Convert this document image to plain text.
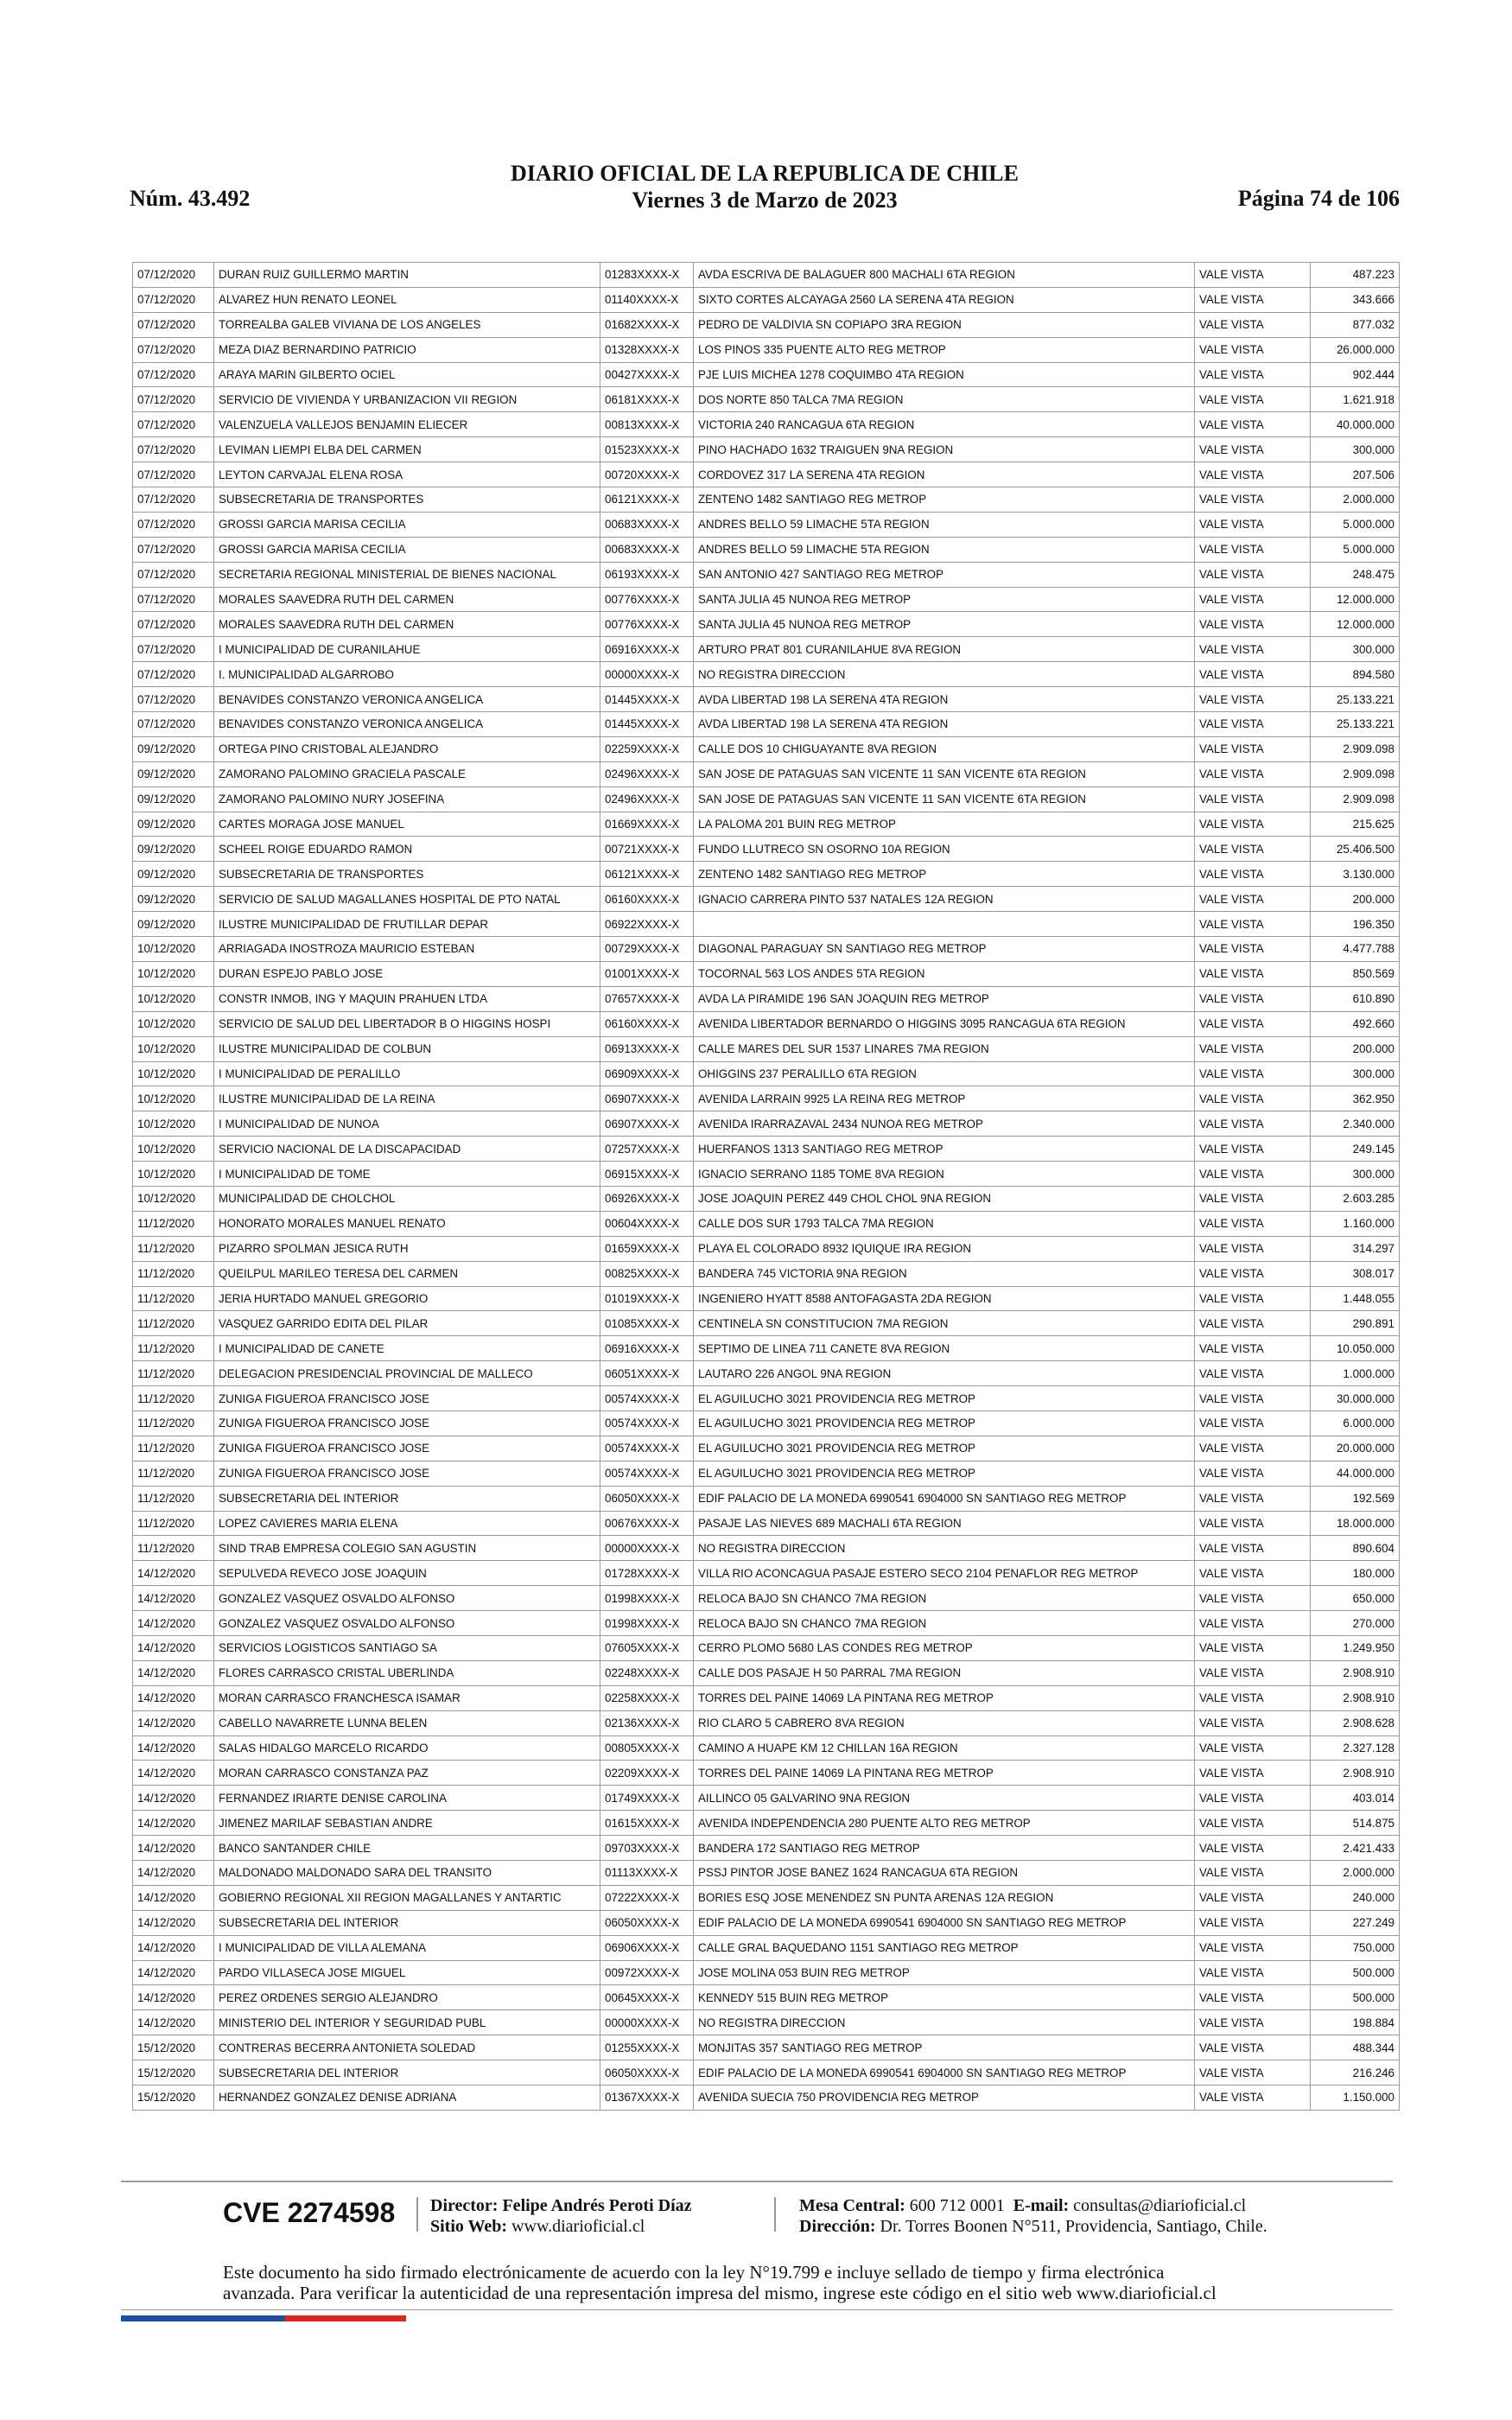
Núm. 43.492
DIARIO OFICIAL DE LA REPUBLICA DE CHILE
Viernes 3 de Marzo de 2023	Página 74 de 106
07/12/2020	DURAN RUIZ GUILLERMO MARTIN	01283XXXX-X	AVDA ESCRIVA DE BALAGUER 800 MACHALI 6TA REGION	VALE VISTA	487.223
07/12/2020	ALVAREZ HUN RENATO LEONEL	01140XXXX-X	SIXTO CORTES ALCAYAGA 2560 LA SERENA 4TA REGION	VALE VISTA	343.666
07/12/2020	TORREALBA GALEB VIVIANA DE LOS ANGELES	01682XXXX-X	PEDRO DE VALDIVIA SN COPIAPO 3RA REGION	VALE VISTA	877.032
07/12/2020	MEZA DIAZ BERNARDINO PATRICIO	01328XXXX-X	LOS PINOS 335 PUENTE ALTO REG METROP	VALE VISTA	26.000.000
07/12/2020	ARAYA MARIN GILBERTO OCIEL	00427XXXX-X	PJE LUIS MICHEA 1278 COQUIMBO 4TA REGION	VALE VISTA	902.444
07/12/2020	SERVICIO DE VIVIENDA Y URBANIZACION VII REGION	06181XXXX-X	DOS NORTE 850 TALCA 7MA REGION	VALE VISTA	1.621.918
07/12/2020	VALENZUELA VALLEJOS BENJAMIN ELIECER	00813XXXX-X	VICTORIA 240 RANCAGUA 6TA REGION	VALE VISTA	40.000.000
07/12/2020	LEVIMAN LIEMPI ELBA DEL CARMEN	01523XXXX-X	PINO HACHADO 1632 TRAIGUEN 9NA REGION	VALE VISTA	300.000
07/12/2020	LEYTON CARVAJAL ELENA ROSA	00720XXXX-X	CORDOVEZ 317 LA SERENA 4TA REGION	VALE VISTA	207.506
07/12/2020	SUBSECRETARIA DE TRANSPORTES	06121XXXX-X	ZENTENO 1482 SANTIAGO REG METROP	VALE VISTA	2.000.000
07/12/2020	GROSSI GARCIA MARISA CECILIA	00683XXXX-X	ANDRES BELLO 59 LIMACHE 5TA REGION	VALE VISTA	5.000.000
07/12/2020	GROSSI GARCIA MARISA CECILIA	00683XXXX-X	ANDRES BELLO 59 LIMACHE 5TA REGION	VALE VISTA	5.000.000
07/12/2020	SECRETARIA REGIONAL MINISTERIAL DE BIENES NACIONAL	06193XXXX-X	SAN ANTONIO 427 SANTIAGO REG METROP	VALE VISTA	248.475
07/12/2020	MORALES SAAVEDRA RUTH DEL CARMEN	00776XXXX-X	SANTA JULIA 45 NUNOA REG METROP	VALE VISTA	12.000.000
07/12/2020	MORALES SAAVEDRA RUTH DEL CARMEN	00776XXXX-X	SANTA JULIA 45 NUNOA REG METROP	VALE VISTA	12.000.000
07/12/2020	I MUNICIPALIDAD DE CURANILAHUE	06916XXXX-X	ARTURO PRAT 801 CURANILAHUE 8VA REGION	VALE VISTA	300.000
07/12/2020	I. MUNICIPALIDAD ALGARROBO	00000XXXX-X	NO REGISTRA DIRECCION	VALE VISTA	894.580
07/12/2020	BENAVIDES CONSTANZO VERONICA ANGELICA	01445XXXX-X	AVDA LIBERTAD 198 LA SERENA 4TA REGION	VALE VISTA	25.133.221
07/12/2020	BENAVIDES CONSTANZO VERONICA ANGELICA	01445XXXX-X	AVDA LIBERTAD 198 LA SERENA 4TA REGION	VALE VISTA	25.133.221
09/12/2020	ORTEGA PINO CRISTOBAL ALEJANDRO	02259XXXX-X	CALLE DOS 10 CHIGUAYANTE 8VA REGION	VALE VISTA	2.909.098
09/12/2020	ZAMORANO PALOMINO GRACIELA PASCALE	02496XXXX-X	SAN JOSE DE PATAGUAS SAN VICENTE 11 SAN VICENTE 6TA REGION	VALE VISTA	2.909.098
09/12/2020	ZAMORANO PALOMINO NURY JOSEFINA	02496XXXX-X	SAN JOSE DE PATAGUAS SAN VICENTE 11 SAN VICENTE 6TA REGION	VALE VISTA	2.909.098
09/12/2020	CARTES MORAGA JOSE MANUEL	01669XXXX-X	LA PALOMA 201 BUIN REG METROP	VALE VISTA	215.625
09/12/2020	SCHEEL ROIGE EDUARDO RAMON	00721XXXX-X	FUNDO LLUTRECO SN OSORNO 10A REGION	VALE VISTA	25.406.500
09/12/2020	SUBSECRETARIA DE TRANSPORTES	06121XXXX-X	ZENTENO 1482 SANTIAGO REG METROP	VALE VISTA	3.130.000
09/12/2020	SERVICIO DE SALUD MAGALLANES HOSPITAL DE PTO NATAL	06160XXXX-X	IGNACIO CARRERA PINTO 537 NATALES 12A REGION	VALE VISTA	200.000
09/12/2020	ILUSTRE MUNICIPALIDAD DE FRUTILLAR DEPAR	06922XXXX-X		VALE VISTA	196.350
10/12/2020	ARRIAGADA INOSTROZA MAURICIO ESTEBAN	00729XXXX-X	DIAGONAL PARAGUAY SN SANTIAGO REG METROP	VALE VISTA	4.477.788
10/12/2020	DURAN ESPEJO PABLO JOSE	01001XXXX-X	TOCORNAL 563 LOS ANDES 5TA REGION	VALE VISTA	850.569
10/12/2020	CONSTR INMOB, ING Y MAQUIN PRAHUEN LTDA	07657XXXX-X	AVDA LA PIRAMIDE 196 SAN JOAQUIN REG METROP	VALE VISTA	610.890
10/12/2020	SERVICIO DE SALUD DEL LIBERTADOR B O HIGGINS HOSPI	06160XXXX-X	AVENIDA LIBERTADOR BERNARDO O HIGGINS 3095 RANCAGUA 6TA REGION	VALE VISTA	492.660
10/12/2020	ILUSTRE MUNICIPALIDAD DE COLBUN	06913XXXX-X	CALLE MARES DEL SUR 1537 LINARES 7MA REGION	VALE VISTA	200.000
10/12/2020	I MUNICIPALIDAD DE PERALILLO	06909XXXX-X	OHIGGINS 237 PERALILLO 6TA REGION	VALE VISTA	300.000
10/12/2020	ILUSTRE MUNICIPALIDAD DE LA REINA	06907XXXX-X	AVENIDA LARRAIN 9925 LA REINA REG METROP	VALE VISTA	362.950
10/12/2020	I MUNICIPALIDAD DE NUNOA	06907XXXX-X	AVENIDA IRARRAZAVAL 2434 NUNOA REG METROP	VALE VISTA	2.340.000
10/12/2020	SERVICIO NACIONAL DE LA DISCAPACIDAD	07257XXXX-X	HUERFANOS 1313 SANTIAGO REG METROP	VALE VISTA	249.145
10/12/2020	I MUNICIPALIDAD DE TOME	06915XXXX-X	IGNACIO SERRANO 1185 TOME 8VA REGION	VALE VISTA	300.000
10/12/2020	MUNICIPALIDAD DE CHOLCHOL	06926XXXX-X	JOSE JOAQUIN PEREZ 449 CHOL CHOL 9NA REGION	VALE VISTA	2.603.285
11/12/2020	HONORATO MORALES MANUEL RENATO	00604XXXX-X	CALLE DOS SUR 1793 TALCA 7MA REGION	VALE VISTA	1.160.000
11/12/2020	PIZARRO SPOLMAN JESICA RUTH	01659XXXX-X	PLAYA EL COLORADO 8932 IQUIQUE IRA REGION	VALE VISTA	314.297
11/12/2020	QUEILPUL MARILEO TERESA DEL CARMEN	00825XXXX-X	BANDERA 745 VICTORIA 9NA REGION	VALE VISTA	308.017
11/12/2020	JERIA HURTADO MANUEL GREGORIO	01019XXXX-X	INGENIERO HYATT 8588 ANTOFAGASTA 2DA REGION	VALE VISTA	1.448.055
11/12/2020	VASQUEZ GARRIDO EDITA DEL PILAR	01085XXXX-X	CENTINELA SN CONSTITUCION 7MA REGION	VALE VISTA	290.891
11/12/2020	I MUNICIPALIDAD DE CANETE	06916XXXX-X	SEPTIMO DE LINEA 711 CANETE 8VA REGION	VALE VISTA	10.050.000
11/12/2020	DELEGACION PRESIDENCIAL PROVINCIAL DE MALLECO	06051XXXX-X	LAUTARO 226 ANGOL 9NA REGION	VALE VISTA	1.000.000
11/12/2020	ZUNIGA FIGUEROA FRANCISCO JOSE	00574XXXX-X	EL AGUILUCHO 3021 PROVIDENCIA REG METROP	VALE VISTA	30.000.000
11/12/2020	ZUNIGA FIGUEROA FRANCISCO JOSE	00574XXXX-X	EL AGUILUCHO 3021 PROVIDENCIA REG METROP	VALE VISTA	6.000.000
11/12/2020	ZUNIGA FIGUEROA FRANCISCO JOSE	00574XXXX-X	EL AGUILUCHO 3021 PROVIDENCIA REG METROP	VALE VISTA	20.000.000
11/12/2020	ZUNIGA FIGUEROA FRANCISCO JOSE	00574XXXX-X	EL AGUILUCHO 3021 PROVIDENCIA REG METROP	VALE VISTA	44.000.000
11/12/2020	SUBSECRETARIA DEL INTERIOR	06050XXXX-X	EDIF PALACIO DE LA MONEDA 6990541 6904000 SN SANTIAGO REG METROP	VALE VISTA	192.569
11/12/2020	LOPEZ CAVIERES MARIA ELENA	00676XXXX-X	PASAJE LAS NIEVES 689 MACHALI 6TA REGION	VALE VISTA	18.000.000
11/12/2020	SIND TRAB EMPRESA COLEGIO SAN AGUSTIN	00000XXXX-X	NO REGISTRA DIRECCION	VALE VISTA	890.604
14/12/2020	SEPULVEDA REVECO JOSE JOAQUIN	01728XXXX-X	VILLA RIO ACONCAGUA PASAJE ESTERO SECO 2104 PENAFLOR REG METROP	VALE VISTA	180.000
14/12/2020	GONZALEZ VASQUEZ OSVALDO ALFONSO	01998XXXX-X	RELOCA BAJO SN CHANCO 7MA REGION	VALE VISTA	650.000
14/12/2020	GONZALEZ VASQUEZ OSVALDO ALFONSO	01998XXXX-X	RELOCA BAJO SN CHANCO 7MA REGION	VALE VISTA	270.000
14/12/2020	SERVICIOS LOGISTICOS SANTIAGO SA	07605XXXX-X	CERRO PLOMO 5680 LAS CONDES REG METROP	VALE VISTA	1.249.950
14/12/2020	FLORES CARRASCO CRISTAL UBERLINDA	02248XXXX-X	CALLE DOS PASAJE H 50 PARRAL 7MA REGION	VALE VISTA	2.908.910
14/12/2020	MORAN CARRASCO FRANCHESCA ISAMAR	02258XXXX-X	TORRES DEL PAINE 14069 LA PINTANA REG METROP	VALE VISTA	2.908.910
14/12/2020	CABELLO NAVARRETE LUNNA BELEN	02136XXXX-X	RIO CLARO 5 CABRERO 8VA REGION	VALE VISTA	2.908.628
14/12/2020	SALAS HIDALGO MARCELO RICARDO	00805XXXX-X	CAMINO A HUAPE KM 12 CHILLAN 16A REGION	VALE VISTA	2.327.128
14/12/2020	MORAN CARRASCO CONSTANZA PAZ	02209XXXX-X	TORRES DEL PAINE 14069 LA PINTANA REG METROP	VALE VISTA	2.908.910
14/12/2020	FERNANDEZ IRIARTE DENISE CAROLINA	01749XXXX-X	AILLINCO 05 GALVARINO 9NA REGION	VALE VISTA	403.014
14/12/2020	JIMENEZ MARILAF SEBASTIAN ANDRE	01615XXXX-X	AVENIDA INDEPENDENCIA 280 PUENTE ALTO REG METROP	VALE VISTA	514.875
14/12/2020	BANCO SANTANDER CHILE	09703XXXX-X	BANDERA 172 SANTIAGO REG METROP	VALE VISTA	2.421.433
14/12/2020	MALDONADO MALDONADO SARA DEL TRANSITO	01113XXXX-X	PSSJ PINTOR JOSE BANEZ 1624 RANCAGUA 6TA REGION	VALE VISTA	2.000.000
14/12/2020	GOBIERNO REGIONAL XII REGION MAGALLANES Y ANTARTIC	07222XXXX-X	BORIES ESQ JOSE MENENDEZ SN PUNTA ARENAS 12A REGION	VALE VISTA	240.000
14/12/2020	SUBSECRETARIA DEL INTERIOR	06050XXXX-X	EDIF PALACIO DE LA MONEDA 6990541 6904000 SN SANTIAGO REG METROP	VALE VISTA	227.249
14/12/2020	I MUNICIPALIDAD DE VILLA ALEMANA	06906XXXX-X	CALLE GRAL BAQUEDANO 1151 SANTIAGO REG METROP	VALE VISTA	750.000
14/12/2020	PARDO VILLASECA JOSE MIGUEL	00972XXXX-X	JOSE MOLINA 053 BUIN REG METROP	VALE VISTA	500.000
14/12/2020	PEREZ ORDENES SERGIO ALEJANDRO	00645XXXX-X	KENNEDY 515 BUIN REG METROP	VALE VISTA	500.000
14/12/2020	MINISTERIO DEL INTERIOR Y SEGURIDAD PUBL	00000XXXX-X	NO REGISTRA DIRECCION	VALE VISTA	198.884
15/12/2020	CONTRERAS BECERRA ANTONIETA SOLEDAD	01255XXXX-X	MONJITAS 357 SANTIAGO REG METROP	VALE VISTA	488.344
15/12/2020	SUBSECRETARIA DEL INTERIOR	06050XXXX-X	EDIF PALACIO DE LA MONEDA 6990541 6904000 SN SANTIAGO REG METROP	VALE VISTA	216.246
15/12/2020	HERNANDEZ GONZALEZ DENISE ADRIANA	01367XXXX-X	AVENIDA SUECIA 750 PROVIDENCIA REG METROP	VALE VISTA	1.150.000
CVE 2274598 Director: Felipe Andrés Peroti Díaz
Sitio Web: www.diarioficial.cl
Mesa Central: 600 712 0001 E-mail: consultas@diarioficial.cl
Dirección: Dr. Torres Boonen N°511, Providencia, Santiago, Chile.
Este documento ha sido firmado electrónicamente de acuerdo con la ley N°19.799 e incluye sellado de tiempo y firma electrónica
avanzada. Para verificar la autenticidad de una representación impresa del mismo, ingrese este código en el sitio web www.diarioficial.cl
